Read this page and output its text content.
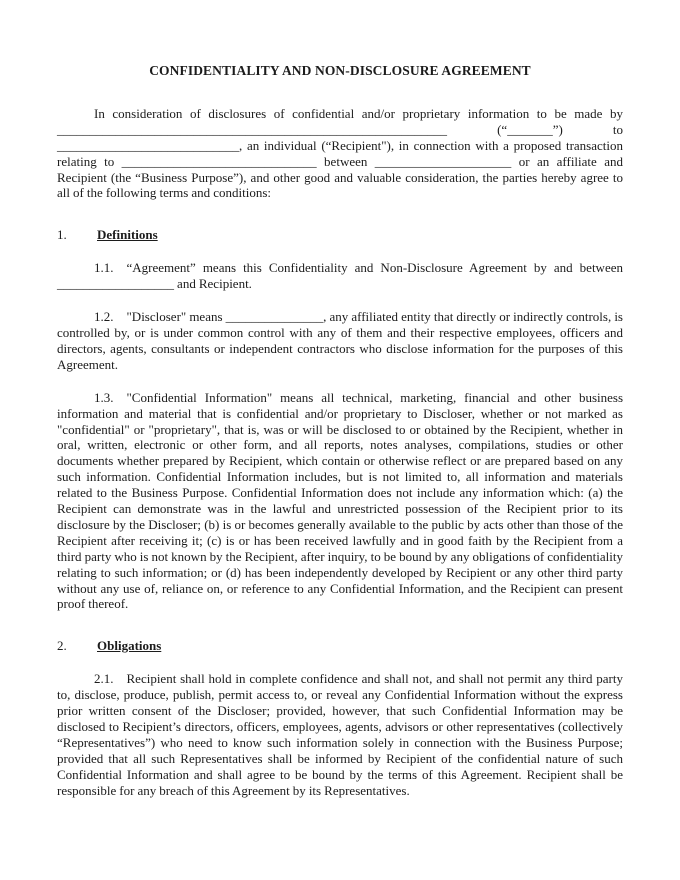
CONFIDENTIALITY AND NON-DISCLOSURE AGREEMENT

In consideration of disclosures of confidential and/or proprietary information to be made by ____________________________________________________________ (“_______”) to ____________________________, an individual (“Recipient"), in connection with a proposed transaction relating to ______________________________ between _____________________ or an affiliate and Recipient (the “Business Purpose”), and other good and valuable consideration, the parties hereby agree to all of the following terms and conditions:

1. Definitions

1.1. “Agreement” means this Confidentiality and Non-Disclosure Agreement by and between __________________ and Recipient.

1.2. "Discloser" means _______________, any affiliated entity that directly or indirectly controls, is controlled by, or is under common control with any of them and their respective employees, officers and directors, agents, consultants or independent contractors who disclose information for the purposes of this Agreement.

1.3. "Confidential Information" means all technical, marketing, financial and other business information and material that is confidential and/or proprietary to Discloser, whether or not marked as "confidential" or "proprietary", that is, was or will be disclosed to or obtained by the Recipient, whether in oral, written, electronic or other form, and all reports, notes analyses, compilations, studies or other documents whether prepared by Recipient, which contain or otherwise reflect or are prepared based on any such information. Confidential Information includes, but is not limited to, all information and materials related to the Business Purpose. Confidential Information does not include any information which: (a) the Recipient can demonstrate was in the lawful and unrestricted possession of the Recipient prior to its disclosure by the Discloser; (b) is or becomes generally available to the public by acts other than those of the Recipient after receiving it; (c) is or has been received lawfully and in good faith by the Recipient from a third party who is not known by the Recipient, after inquiry, to be bound by any obligations of confidentiality relating to such information; or (d) has been independently developed by Recipient or any other third party without any use of, reliance on, or reference to any Confidential Information, and the Recipient can present proof thereof.

2. Obligations

2.1. Recipient shall hold in complete confidence and shall not, and shall not permit any third party to, disclose, produce, publish, permit access to, or reveal any Confidential Information without the express prior written consent of the Discloser; provided, however, that such Confidential Information may be disclosed to Recipient’s directors, officers, employees, agents, advisors or other representatives (collectively “Representatives”) who need to know such information solely in connection with the Business Purpose; provided that all such Representatives shall be informed by Recipient of the confidential nature of such Confidential Information and shall agree to be bound by the terms of this Agreement. Recipient shall be responsible for any breach of this Agreement by its Representatives.
